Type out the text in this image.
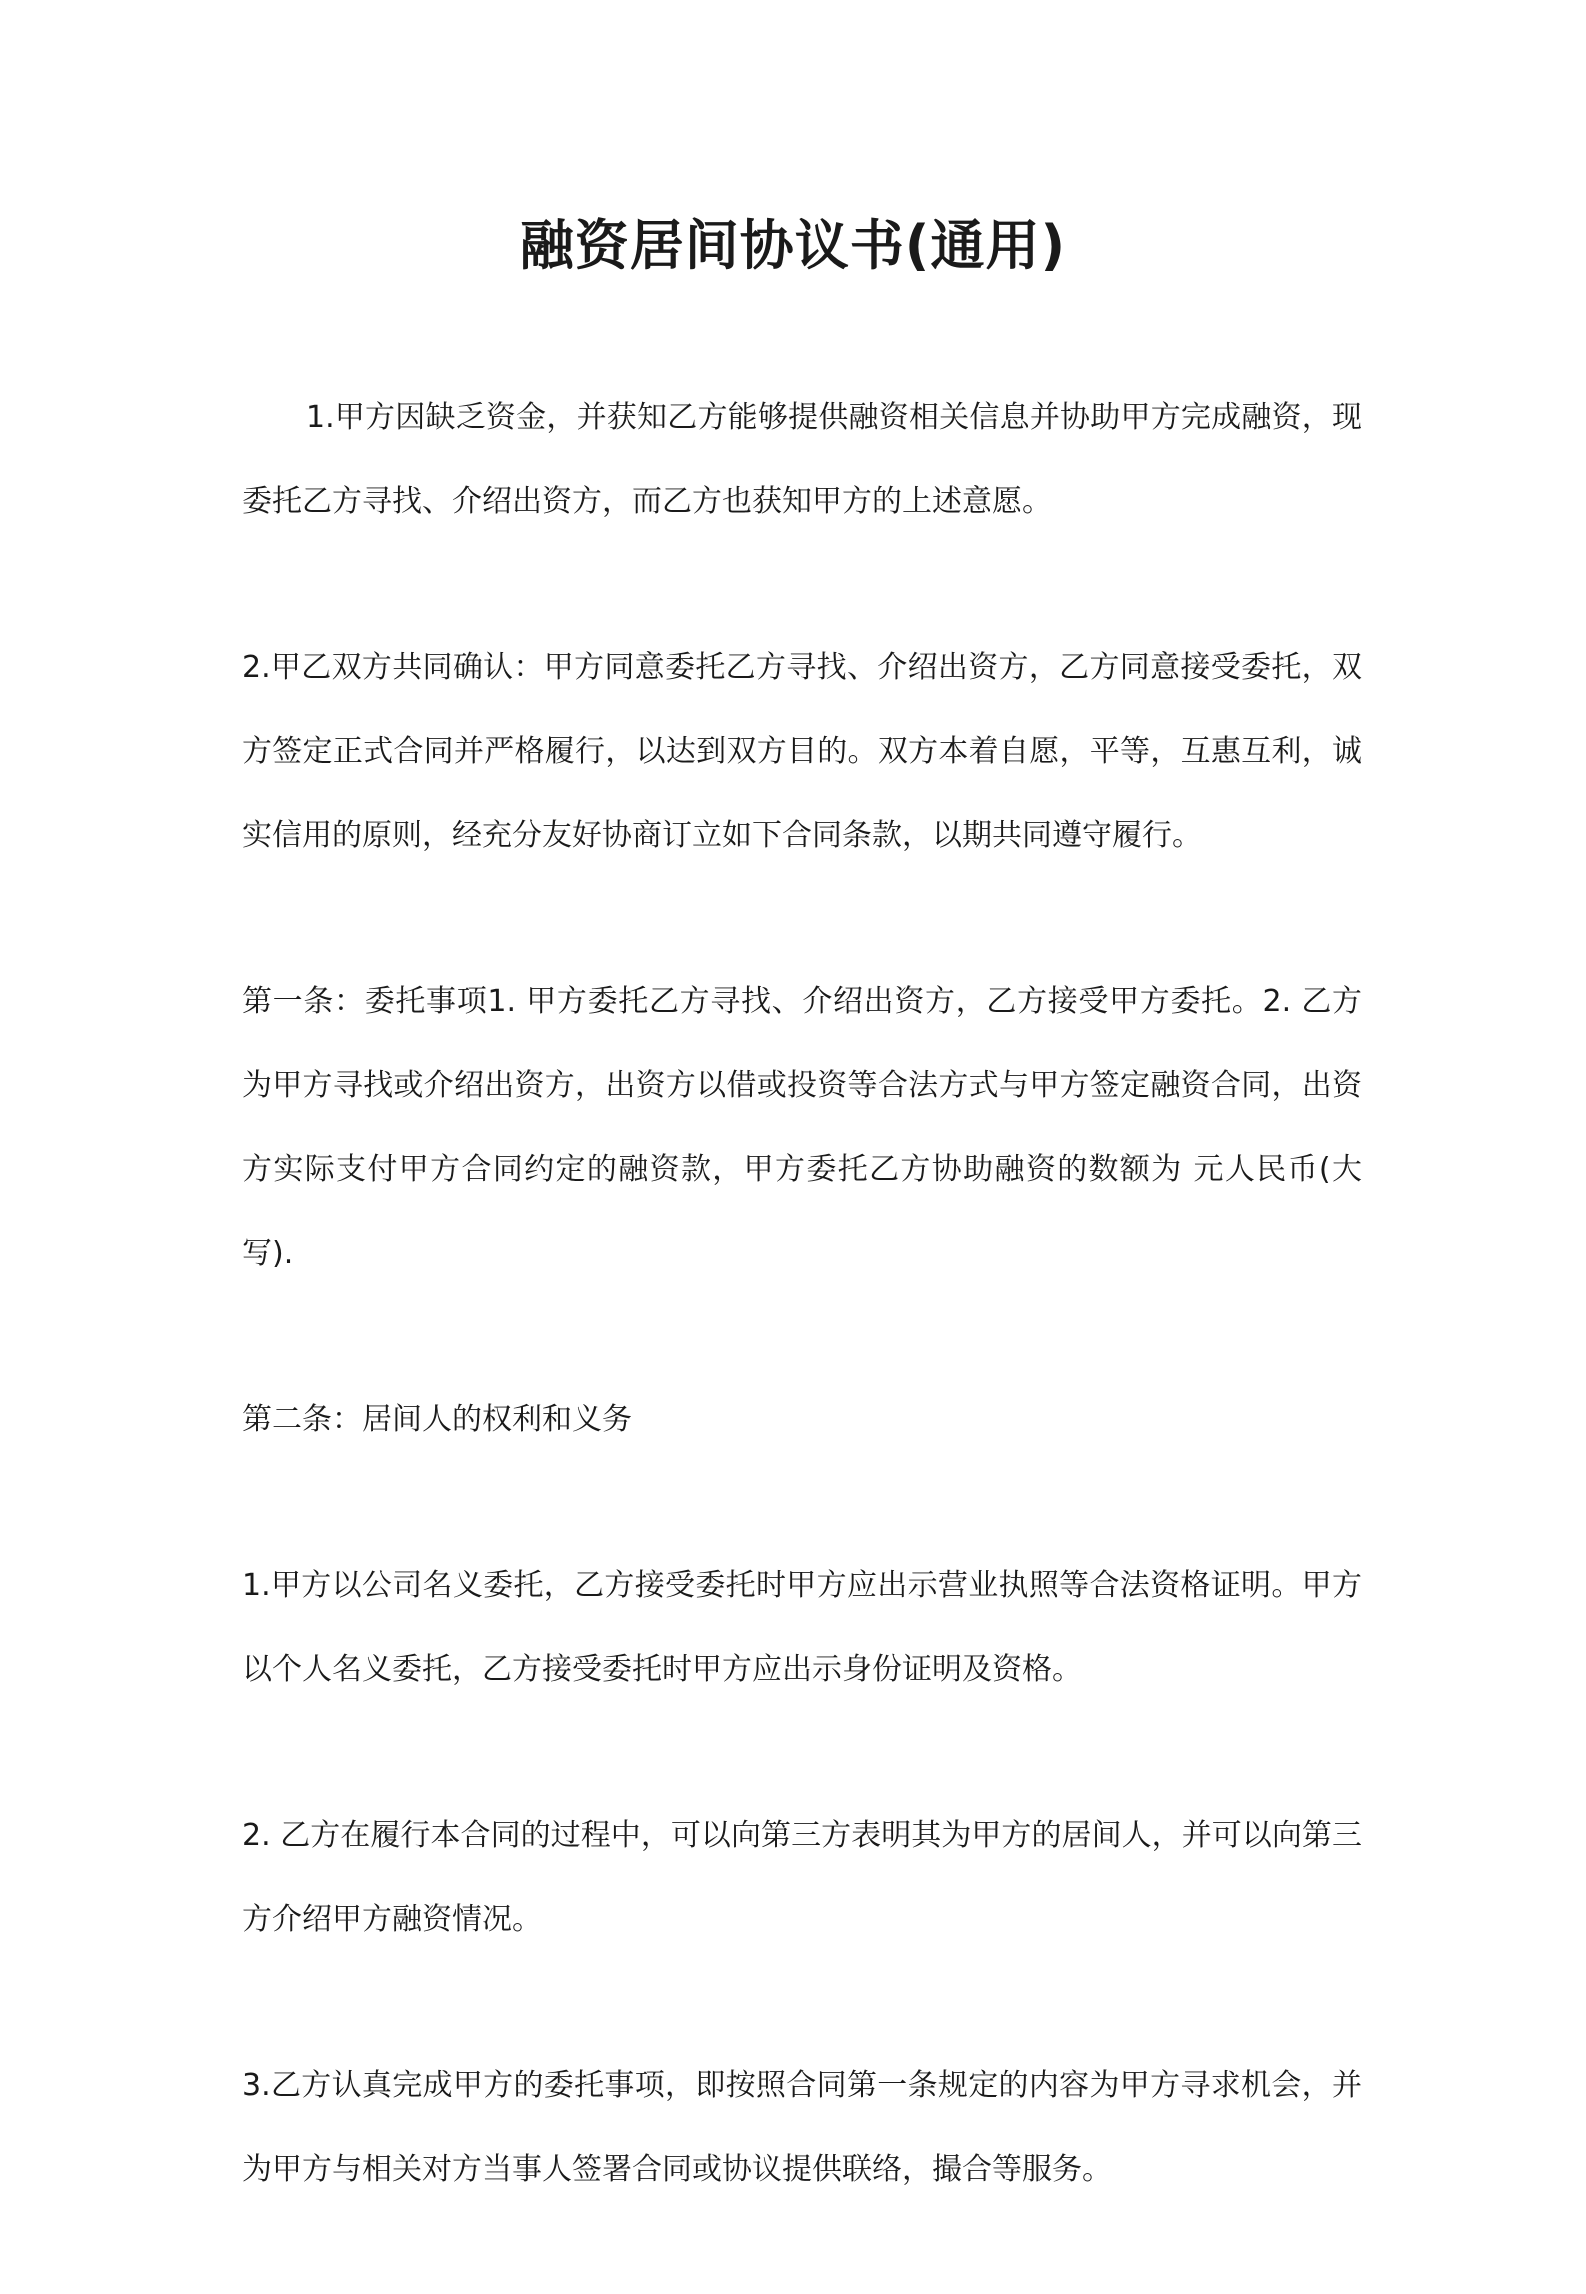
融资居间协议书(通用)

1.甲方因缺乏资金，并获知乙方能够提供融资相关信息并协助甲方完成融资，现委托乙方寻找、介绍出资方，而乙方也获知甲方的上述意愿。

2.甲乙双方共同确认：甲方同意委托乙方寻找、介绍出资方，乙方同意接受委托，双方签定正式合同并严格履行，以达到双方目的。双方本着自愿，平等，互惠互利，诚实信用的原则，经充分友好协商订立如下合同条款，以期共同遵守履行。

第一条：委托事项1. 甲方委托乙方寻找、介绍出资方，乙方接受甲方委托。2. 乙方为甲方寻找或介绍出资方，出资方以借或投资等合法方式与甲方签定融资合同，出资方实际支付甲方合同约定的融资款，甲方委托乙方协助融资的数额为 元人民币(大写).

第二条：居间人的权利和义务

1.甲方以公司名义委托，乙方接受委托时甲方应出示营业执照等合法资格证明。甲方以个人名义委托，乙方接受委托时甲方应出示身份证明及资格。

2. 乙方在履行本合同的过程中，可以向第三方表明其为甲方的居间人，并可以向第三方介绍甲方融资情况。

3.乙方认真完成甲方的委托事项，即按照合同第一条规定的内容为甲方寻求机会，并为甲方与相关对方当事人签署合同或协议提供联络，撮合等服务。
